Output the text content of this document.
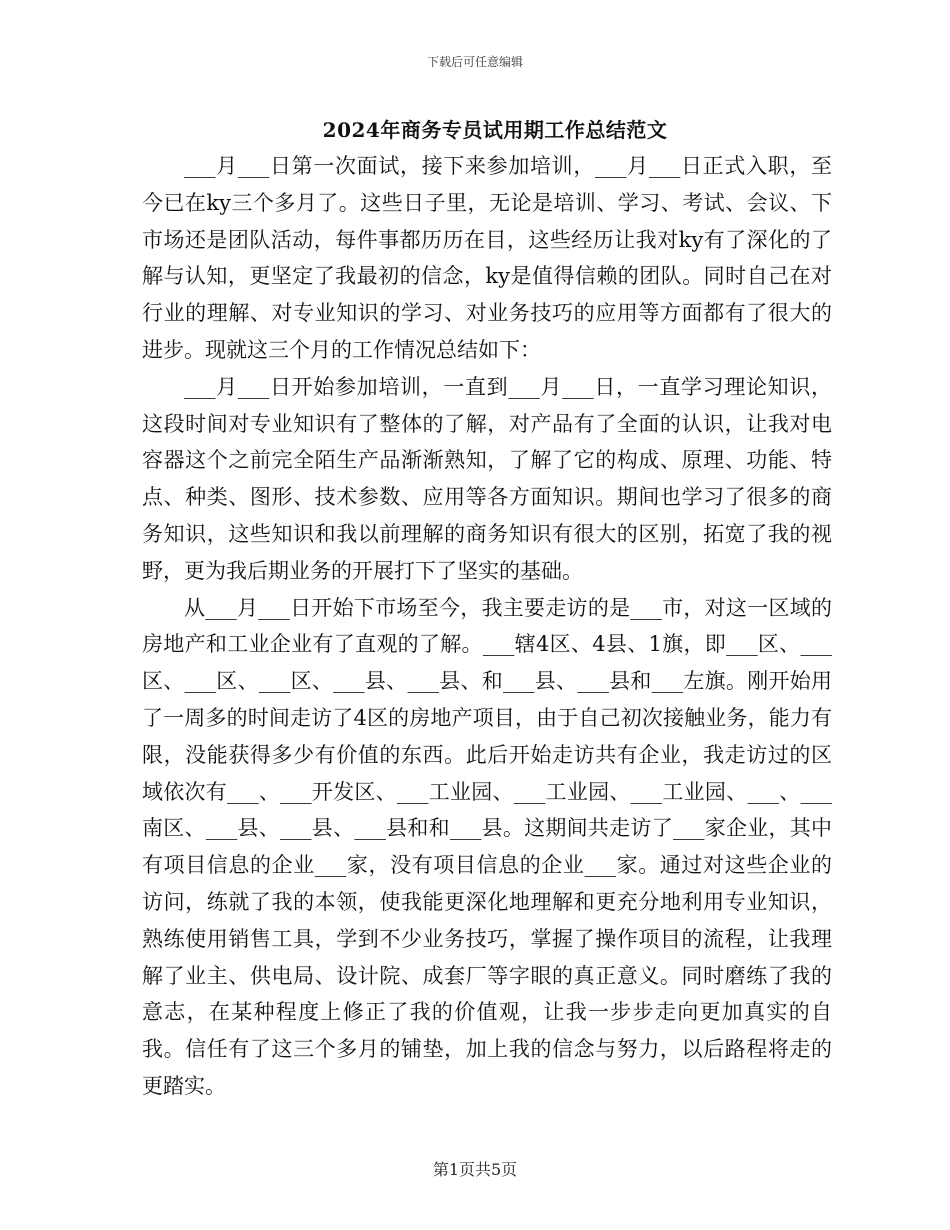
下载后可任意编辑
2024年商务专员试用期工作总结范文

___月___日第一次面试，接下来参加培训，___月___日正式入职，至今已在ky三个多月了。这些日子里，无论是培训、学习、考试、会议、下市场还是团队活动，每件事都历历在目，这些经历让我对ky有了深化的了解与认知，更坚定了我最初的信念，ky是值得信赖的团队。同时自己在对行业的理解、对专业知识的学习、对业务技巧的应用等方面都有了很大的进步。现就这三个月的工作情况总结如下：

___月___日开始参加培训，一直到___月___日，一直学习理论知识，这段时间对专业知识有了整体的了解，对产品有了全面的认识，让我对电容器这个之前完全陌生产品渐渐熟知，了解了它的构成、原理、功能、特点、种类、图形、技术参数、应用等各方面知识。期间也学习了很多的商务知识，这些知识和我以前理解的商务知识有很大的区别，拓宽了我的视野，更为我后期业务的开展打下了坚实的基础。

从___月___日开始下市场至今，我主要走访的是___市，对这一区域的房地产和工业企业有了直观的了解。___辖4区、4县、1旗，即___区、___区、___区、___区、___县、___县、和___县、___县和___左旗。刚开始用了一周多的时间走访了4区的房地产项目，由于自己初次接触业务，能力有限，没能获得多少有价值的东西。此后开始走访共有企业，我走访过的区域依次有___、___开发区、___工业园、___工业园、___工业园、___、___南区、___县、___县、___县和和___县。这期间共走访了___家企业，其中有项目信息的企业___家，没有项目信息的企业___家。通过对这些企业的访问，练就了我的本领，使我能更深化地理解和更充分地利用专业知识，熟练使用销售工具，学到不少业务技巧，掌握了操作项目的流程，让我理解了业主、供电局、设计院、成套厂等字眼的真正意义。同时磨练了我的意志，在某种程度上修正了我的价值观，让我一步步走向更加真实的自我。信任有了这三个多月的铺垫，加上我的信念与努力，以后路程将走的更踏实。

第1页共5页
